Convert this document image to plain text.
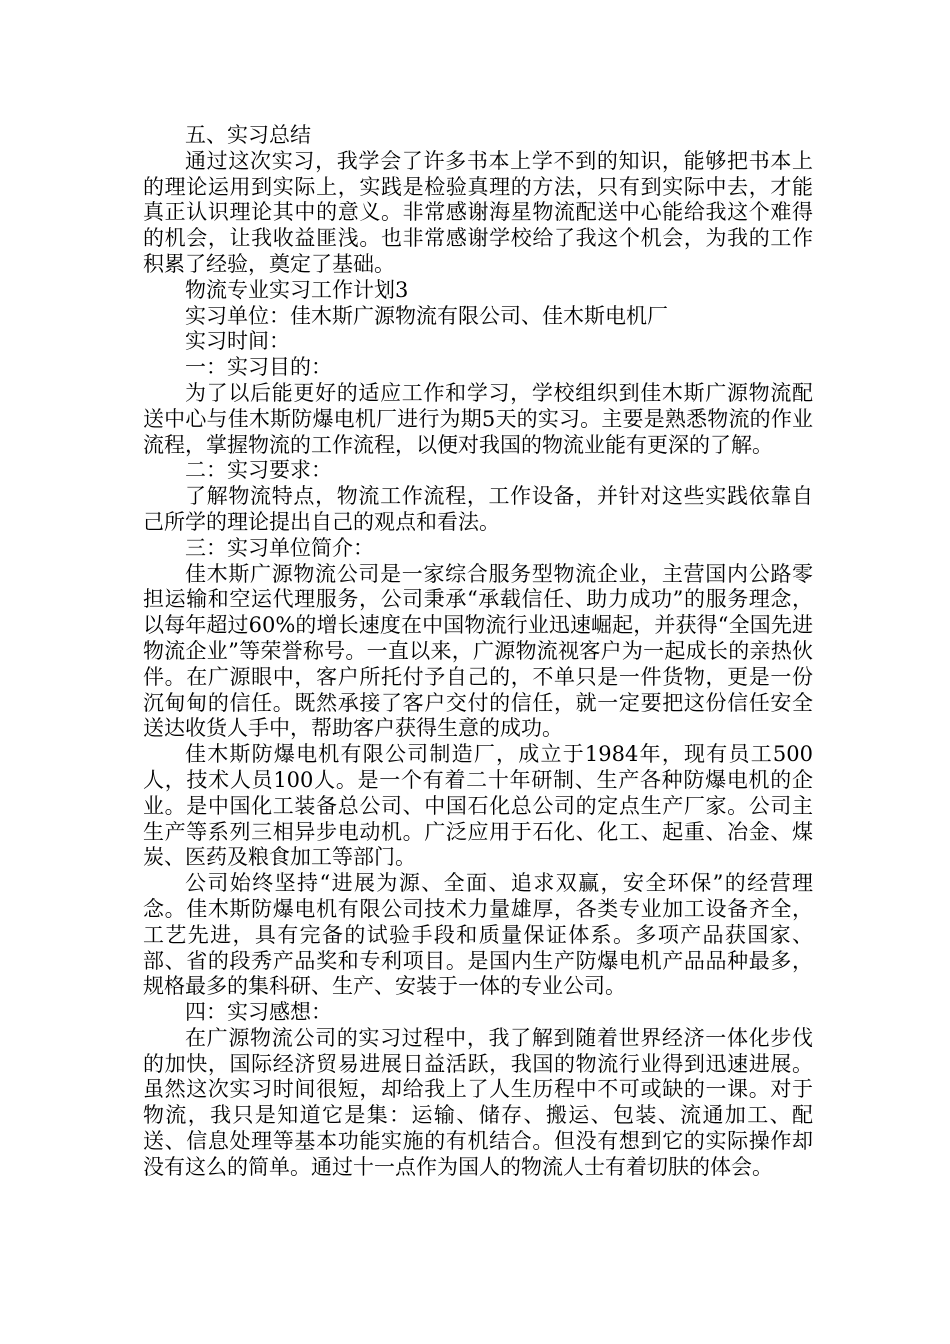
五、实习总结

通过这次实习，我学会了许多书本上学不到的知识，能够把书本上的理论运用到实际上，实践是检验真理的方法，只有到实际中去，才能真正认识理论其中的意义。非常感谢海星物流配送中心能给我这个难得的机会，让我收益匪浅。也非常感谢学校给了我这个机会，为我的工作积累了经验，奠定了基础。

物流专业实习工作计划3

实习单位：佳木斯广源物流有限公司、佳木斯电机厂

实习时间：

一：实习目的：

为了以后能更好的适应工作和学习，学校组织到佳木斯广源物流配送中心与佳木斯防爆电机厂进行为期5天的实习。主要是熟悉物流的作业流程，掌握物流的工作流程，以便对我国的物流业能有更深的了解。

二：实习要求：

了解物流特点，物流工作流程，工作设备，并针对这些实践依靠自己所学的理论提出自己的观点和看法。

三：实习单位简介：

佳木斯广源物流公司是一家综合服务型物流企业，主营国内公路零担运输和空运代理服务，公司秉承“承载信任、助力成功”的服务理念，以每年超过60%的增长速度在中国物流行业迅速崛起，并获得“全国先进物流企业”等荣誉称号。一直以来，广源物流视客户为一起成长的亲热伙伴。在广源眼中，客户所托付予自己的，不单只是一件货物，更是一份沉甸甸的信任。既然承接了客户交付的信任，就一定要把这份信任安全送达收货人手中，帮助客户获得生意的成功。

佳木斯防爆电机有限公司制造厂，成立于1984年，现有员工500人，技术人员100人。是一个有着二十年研制、生产各种防爆电机的企业。是中国化工装备总公司、中国石化总公司的定点生产厂家。公司主生产等系列三相异步电动机。广泛应用于石化、化工、起重、冶金、煤炭、医药及粮食加工等部门。

公司始终坚持“进展为源、全面、追求双赢，安全环保”的经营理念。佳木斯防爆电机有限公司技术力量雄厚，各类专业加工设备齐全，工艺先进，具有完备的试验手段和质量保证体系。多项产品获国家、部、省的段秀产品奖和专利项目。是国内生产防爆电机产品品种最多，规格最多的集科研、生产、安装于一体的专业公司。

四：实习感想：

在广源物流公司的实习过程中，我了解到随着世界经济一体化步伐的加快，国际经济贸易进展日益活跃，我国的物流行业得到迅速进展。虽然这次实习时间很短，却给我上了人生历程中不可或缺的一课。对于物流，我只是知道它是集：运输、储存、搬运、包装、流通加工、配送、信息处理等基本功能实施的有机结合。但没有想到它的实际操作却没有这么的简单。通过十一点作为国人的物流人士有着切肤的体会。
